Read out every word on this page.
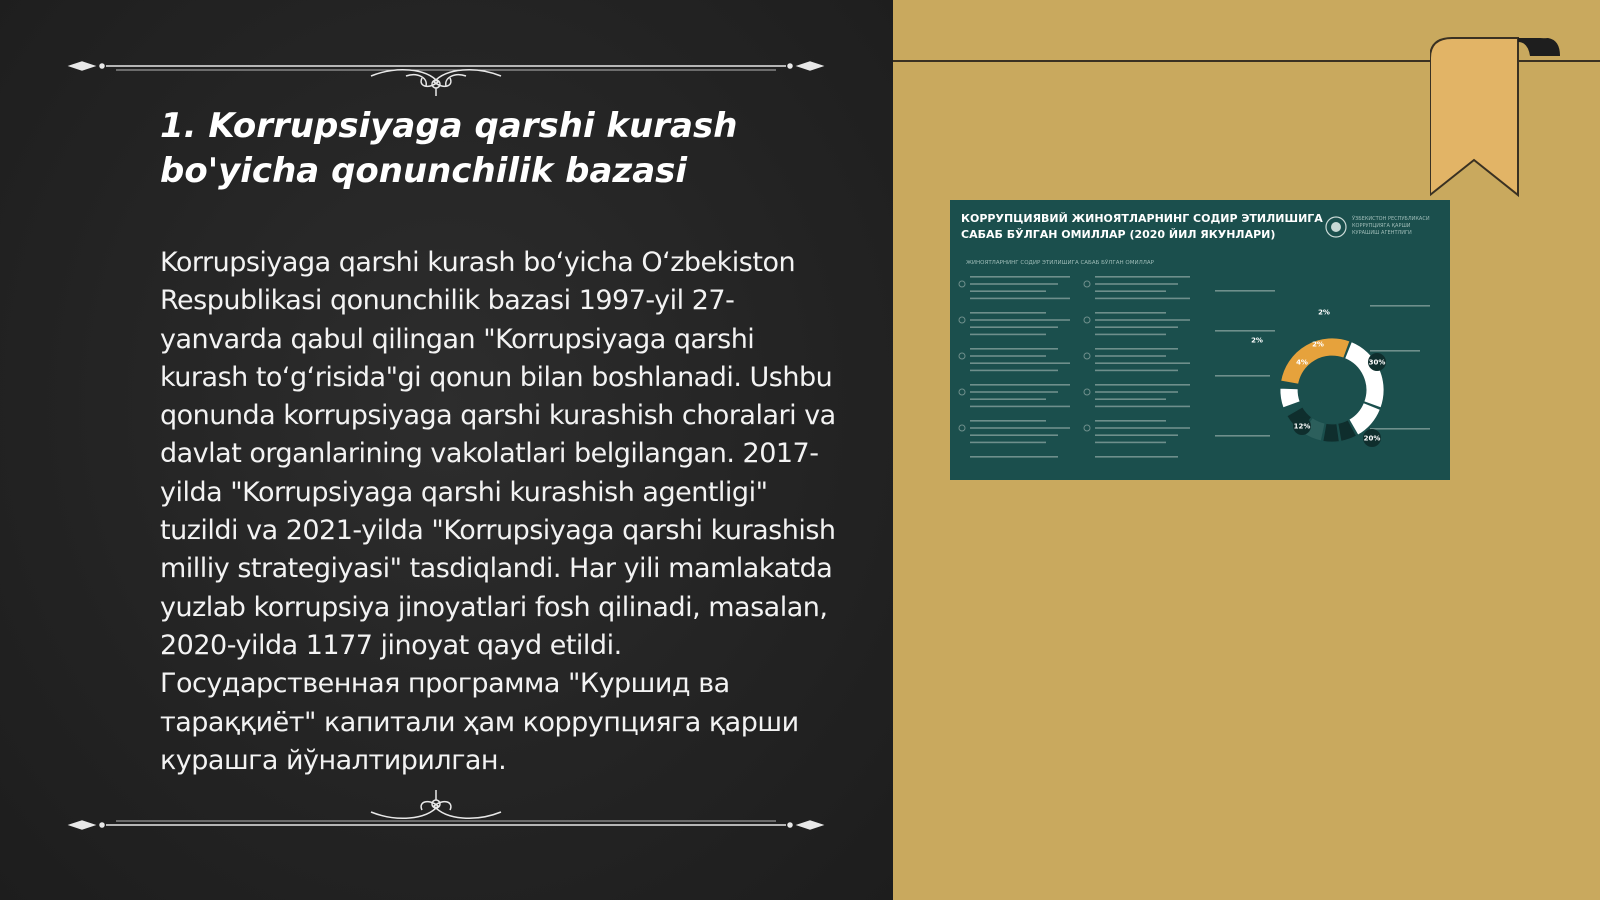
1. Korrupsiyaga qarshi kurash
bo'yicha qonunchilik bazasi

Korrupsiyaga qarshi kurash bo‘yicha O‘zbekiston Respublikasi qonunchilik bazasi 1997-yil 27-yanvarda qabul qilingan "Korrupsiyaga qarshi kurash to‘g‘risida"gi qonun bilan boshlanadi. Ushbu qonunda korrupsiyaga qarshi kurashish choralari va davlat organlarining vakolatlari belgilangan. 2017-yilda "Korrupsiyaga qarshi kurashish agentligi" tuzildi va 2021-yilda "Korrupsiyaga qarshi kurashish milliy strategiyasi" tasdiqlandi. Har yili mamlakatda yuzlab korrupsiya jinoyatlari fosh qilinadi, masalan, 2020-yilda 1177 jinoyat qayd etildi. Государственная программа "Куршид ва тараққиёт" капитали ҳам коррупцияга қарши курашга йўналтирилган.

30%
20%
12%
4%
4%
2%
2%
2%

КОРРУПЦИЯВИЙ ЖИНОЯТЛАРНИНГ СОДИР ЭТИЛИШИГА
САБАБ БЎЛГАН ОМИЛЛАР (2020 ЙИЛ ЯКУНЛАРИ)

ЖИНОЯТЛАРНИНГ СОДИР ЭТИЛИШИГА САБАБ БЎЛГАН ОМИЛЛАР

ЎЗБЕКИСТОН РЕСПУБЛИКАСИ
КОРРУПЦИЯГА ҚАРШИ
КУРАШИШ АГЕНТЛИГИ
